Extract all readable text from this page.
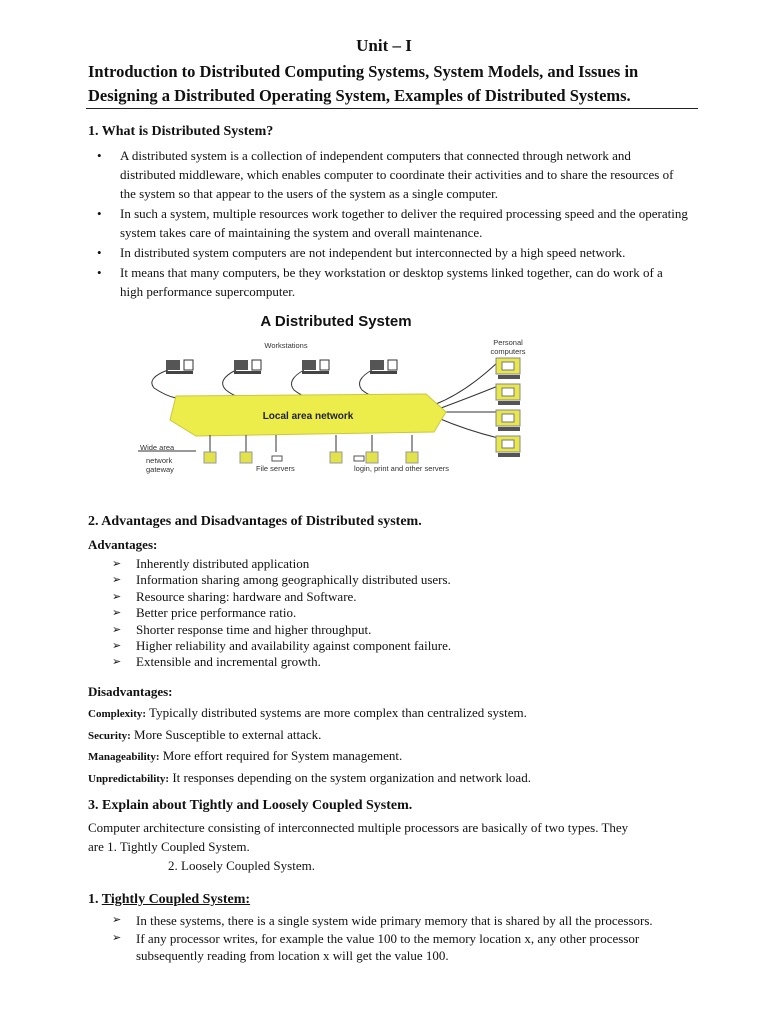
Unit – I
Introduction to Distributed Computing Systems, System Models, and Issues in Designing a Distributed Operating System, Examples of Distributed Systems.
1. What is Distributed System?
• A distributed system is a collection of independent computers that connected through network and distributed middleware, which enables computer to coordinate their activities and to share the resources of the system so that appear to the users of the system as a single computer.
• In such a system, multiple resources work together to deliver the required processing speed and the operating system takes care of maintaining the system and overall maintenance.
• In distributed system computers are not independent but interconnected by a high speed network.
• It means that many computers, be they workstation or desktop systems linked together, can do work of a high performance supercomputer.
A Distributed System
Workstations	Personal
computers
Local area network
Wide area
network
gateway	File servers	login, print and other servers
2. Advantages and Disadvantages of Distributed system.
Advantages:
➢ Inherently distributed application
➢ Information sharing among geographically distributed users.
➢ Resource sharing: hardware and Software.
➢ Better price performance ratio.
➢ Shorter response time and higher throughput.
➢ Higher reliability and availability against component failure.
➢ Extensible and incremental growth.
Disadvantages:
Complexity: Typically distributed systems are more complex than centralized system.
Security: More Susceptible to external attack.
Manageability: More effort required for System management.
Unpredictability: It responses depending on the system organization and network load.
3. Explain about Tightly and Loosely Coupled System.
Computer architecture consisting of interconnected multiple processors are basically of two types. They
are 1. Tightly Coupled System.
2. Loosely Coupled System.
1. Tightly Coupled System:
➢ In these systems, there is a single system wide primary memory that is shared by all the processors.
➢ If any processor writes, for example the value 100 to the memory location x, any other processor subsequently reading from location x will get the value 100.
